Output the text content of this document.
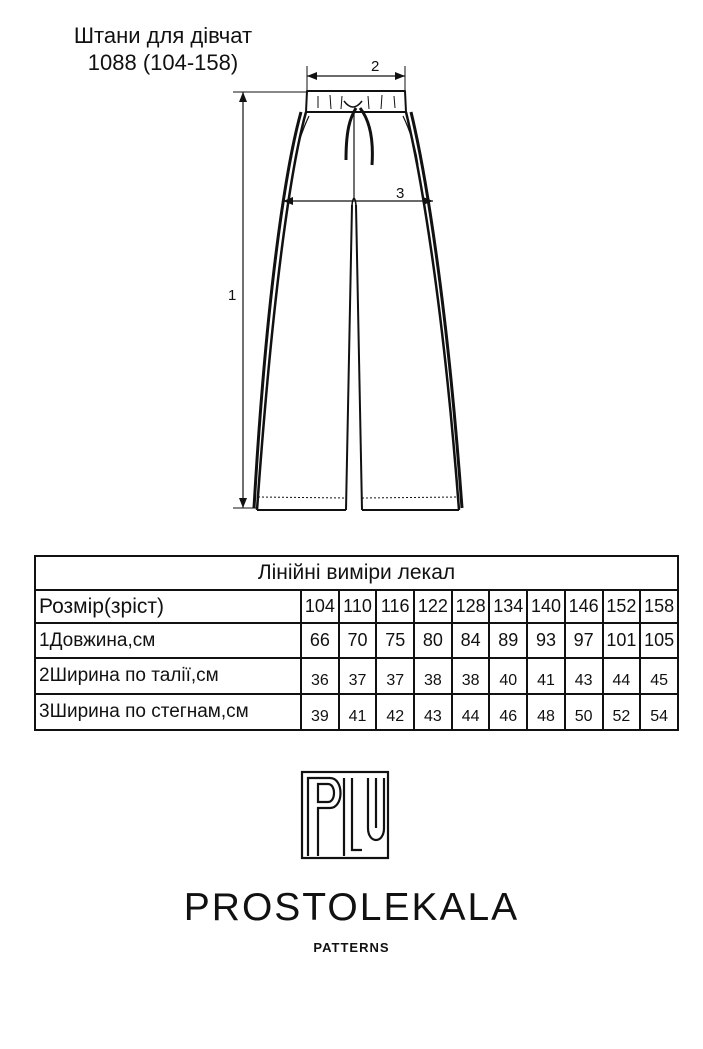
Штани для дівчат
1088 (104-158)	2
3
1
Лінійні виміри лекал										
Розмір(зріст)	104	110	116	122	128	134	140	146	152	158
1Довжина,см	66	70	75	80	84	89	93	97	101	105
2Ширина по талії,см	36	37	37	38	38	40	41	43	44	45
3Ширина по стегнам,см	39	41	42	43	44	46	48	50	52	54
PROSTOLEKALA
PATTERNS
